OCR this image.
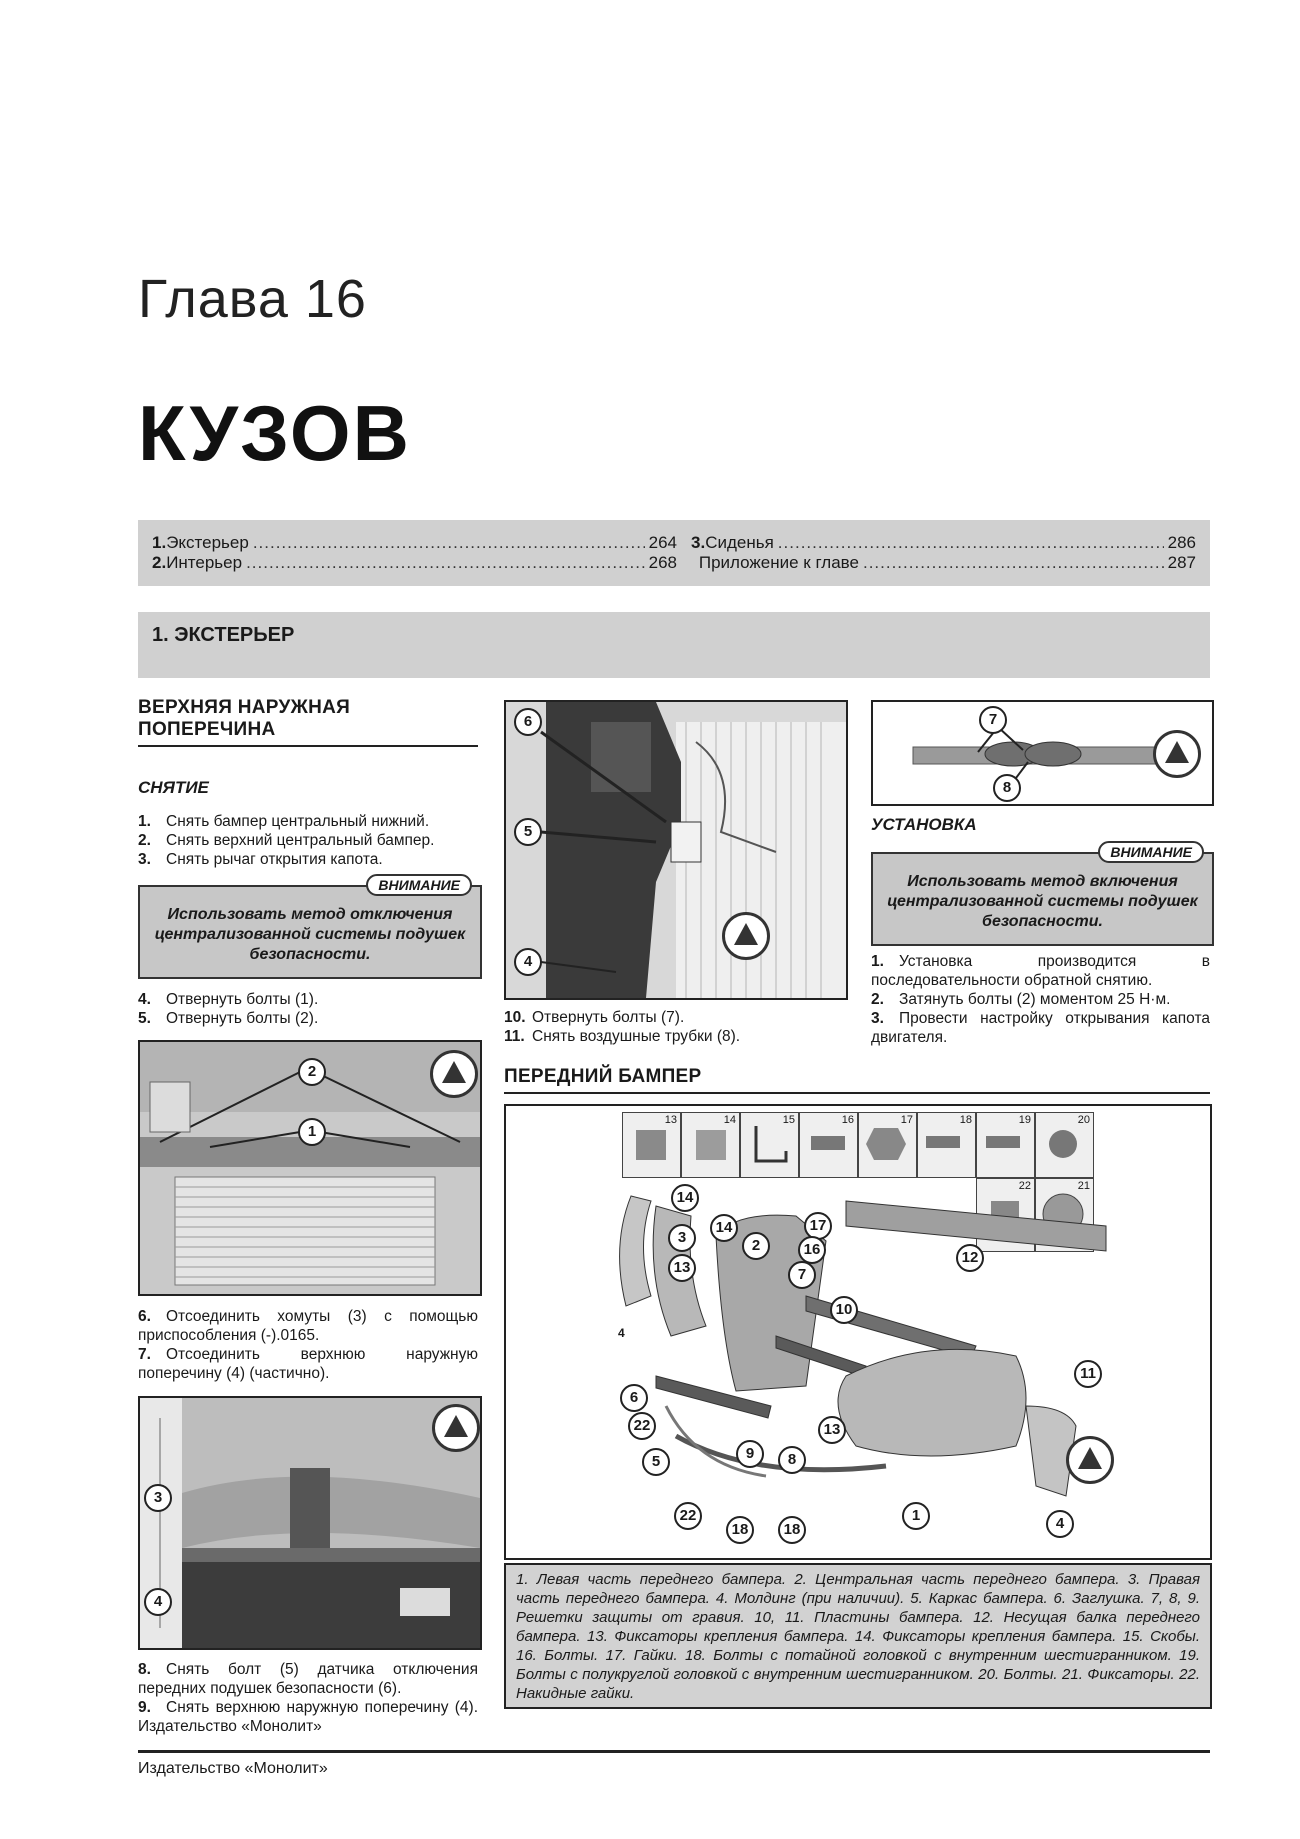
Глава 16
КУЗОВ
1. Экстерьер .....	264
2. Интерьер .....	268
3. Сиденья .....	286
Приложение к главе .....	287
1. ЭКСТЕРЬЕР
ВЕРХНЯЯ НАРУЖНАЯ
ПОПЕРЕЧИНА
СНЯТИЕ

1. Снять бампер центральный нижний.

2. Снять верхний центральный бампер.

3. Снять рычаг открытия капота.

ВНИМАНИЕ
Использовать метод отключения централизованной системы подушек безопасности.

4. Отвернуть болты (1).

5. Отвернуть болты (2).

2
1

6. Отсоединить хомуты (3) с помощью приспособления (-).0165.

7. Отсоединить верхнюю наружную поперечину (4) (частично).

3
4

8. Снять болт (5) датчика отключения передних подушек безопасности (6).

9. Снять верхнюю наружную поперечину (4). Издательство «Монолит»

6
5
4

10. Отвернуть болты (7).

11. Снять воздушные трубки (8).

7
8
УСТАНОВКА
ВНИМАНИЕ
Использовать метод включения централизованной системы подушек безопасности.

1. Установка производится в последовательности обратной снятию.

2. Затянуть болты (2) моментом 25 Н·м.

3. Провести настройку открывания капота двигателя.

ПЕРЕДНИЙ БАМПЕР
13	14	15	16	17	18	19	20
22	21
14
3
13
14
2
17
16
7
12
10
4
6
22
11
13
9	8
5
1	4
22
18	18
1. Левая часть переднего бампера. 2. Центральная часть переднего бампера. 3. Правая часть переднего бампера. 4. Молдинг (при наличии). 5. Каркас бампера. 6. Заглушка. 7, 8, 9. Решетки защиты от гравия. 10, 11. Пластины бампера. 12. Несущая балка переднего бампера. 13. Фиксаторы крепления бампера. 14. Фиксаторы крепления бампера. 15. Скобы. 16. Болты. 17. Гайки. 18. Болты с потайной головкой с внутренним шестигранником. 19. Болты с полукруглой головкой с внутренним шестигранником. 20. Болты. 21. Фиксаторы. 22. Накидные гайки.
Издательство «Монолит»
